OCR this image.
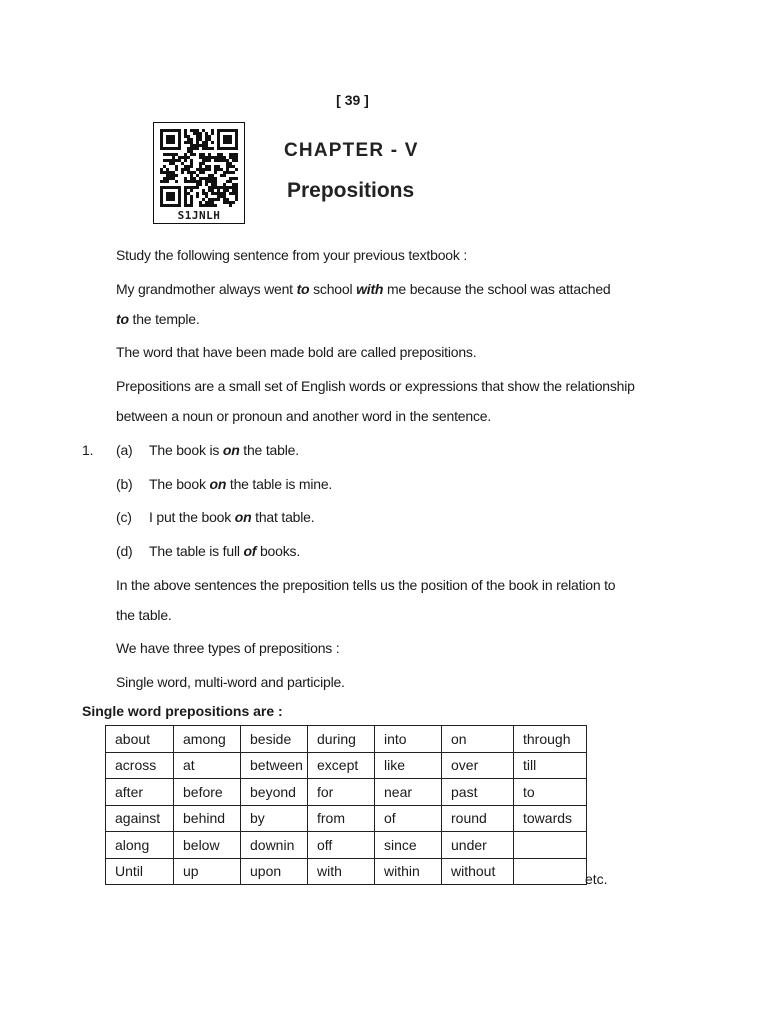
[ 39 ]
S1JNLH
CHAPTER - V
Prepositions
Study the following sentence from your previous textbook :
My grandmother always went to school with me because the school was attached
to the temple.
The word that have been made bold are called prepositions.
Prepositions are a small set of English words or expressions that show the relationship
between a noun or pronoun and another word in the sentence.
1. (a) The book is on the table.
(b) The book on the table is mine.
(c) I put the book on that table.
(d) The table is full of books.
In the above sentences the preposition tells us the position of the book in relation to
the table.
We have three types of prepositions :
Single word, multi-word and participle.
Single word prepositions are :
about	among	beside	during	into	on	through
across	at	between	except	like	over	till
after	before	beyond	for	near	past	to
against	behind	by	from	of	round	towards
along	below	downin	off	since	under	
Until	up	upon	with	within	without		etc.
